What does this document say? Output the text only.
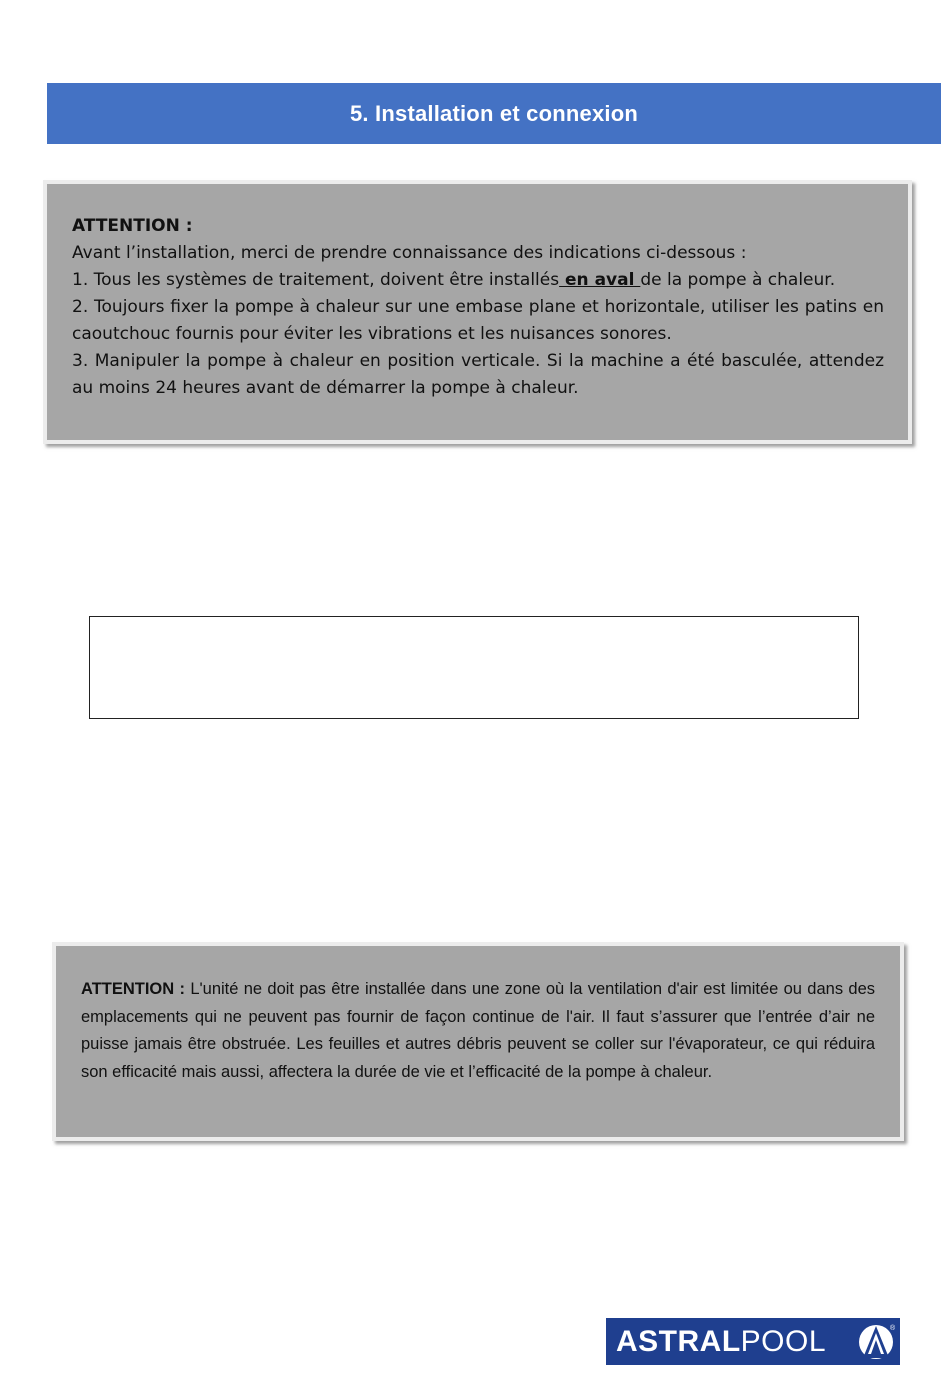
5. Installation et connexion

ATTENTION :

Avant l’installation, merci de prendre connaissance des indications ci-dessous :

1. Tous les systèmes de traitement, doivent être installés en aval de la pompe à chaleur.

2. Toujours fixer la pompe à chaleur sur une embase plane et horizontale, utiliser les patins en caoutchouc fournis pour éviter les vibrations et les nuisances sonores.

3. Manipuler la pompe à chaleur en position verticale. Si la machine a été basculée, attendez au moins 24 heures avant de démarrer la pompe à chaleur.

ATTENTION : L'unité ne doit pas être installée dans une zone où la ventilation d'air est limitée ou dans des emplacements qui ne peuvent pas fournir de façon continue de l'air. Il faut s’assurer que l’entrée d’air ne puisse jamais être obstruée. Les feuilles et autres débris peuvent se coller sur l'évaporateur, ce qui réduira son efficacité mais aussi, affectera la durée de vie et l’efficacité de la pompe à chaleur.
ASTRALPOOL	®
